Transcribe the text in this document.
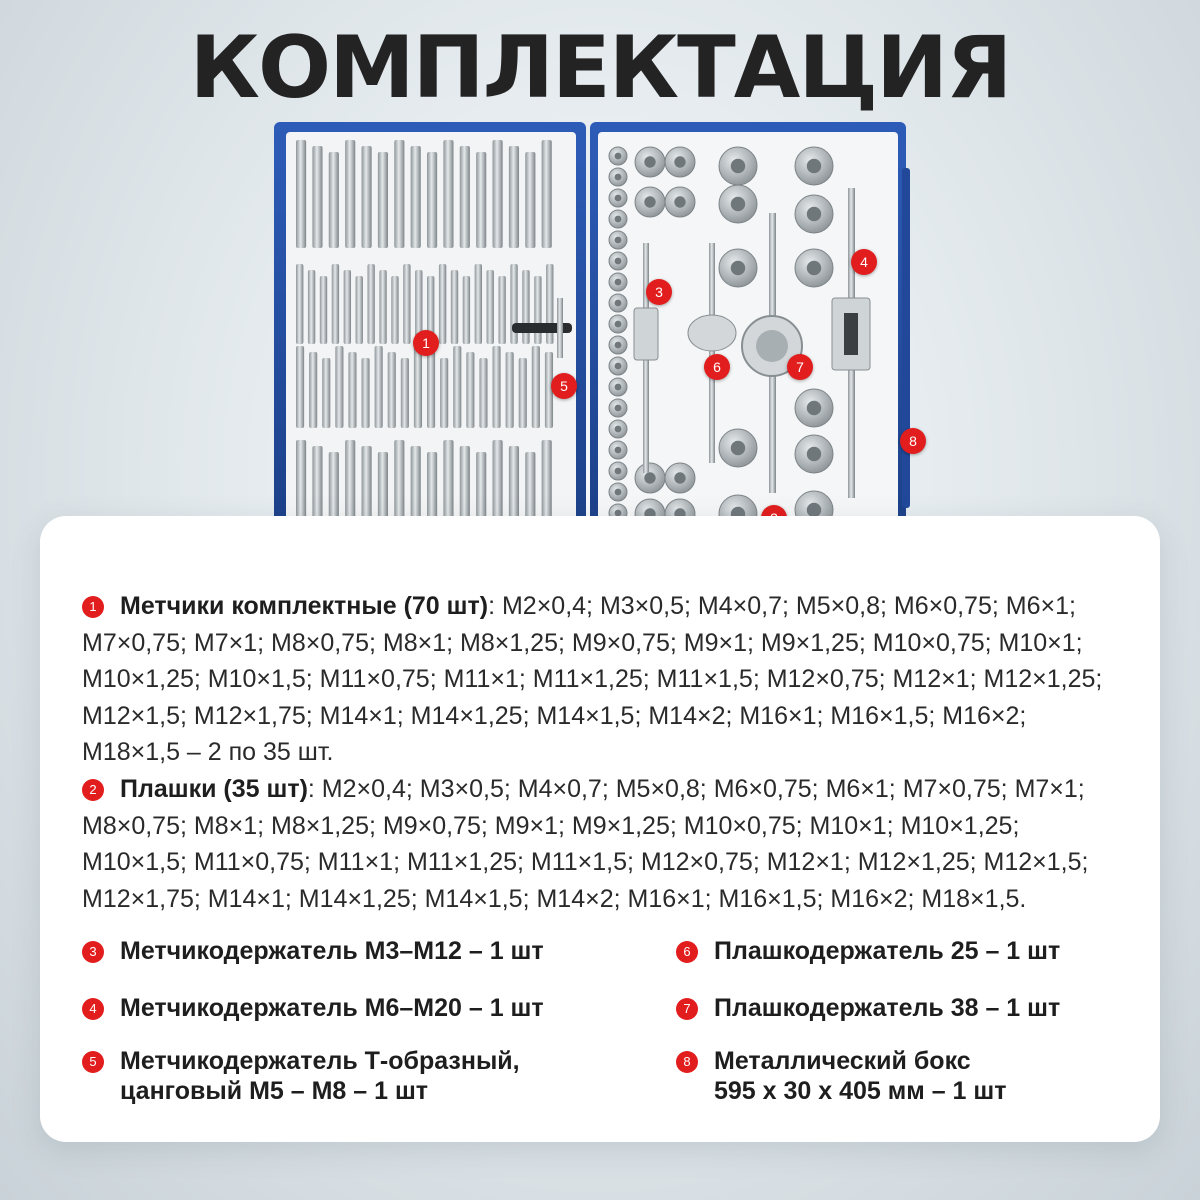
КОМПЛЕКТАЦИЯ
1
3
4
5
6	7
8
1 Метчики комплектные (70 шт): M2×0,4; M3×0,5; M4×0,7; M5×0,8; M6×0,75; M6×1; M7×0,75; M7×1; M8×0,75; M8×1; M8×1,25; M9×0,75; M9×1; M9×1,25; M10×0,75; M10×1; M10×1,25; M10×1,5; M11×0,75; M11×1; M11×1,25; M11×1,5; M12×0,75; M12×1; M12×1,25; M12×1,5; M12×1,75; M14×1; M14×1,25; M14×1,5; M14×2; M16×1; M16×1,5; M16×2; M18×1,5 – 2 по 35 шт.
2 Плашки (35 шт): M2×0,4; M3×0,5; M4×0,7; M5×0,8; M6×0,75; M6×1; M7×0,75; M7×1; M8×0,75; M8×1; M8×1,25; M9×0,75; M9×1; M9×1,25; M10×0,75; M10×1; M10×1,25; M10×1,5; M11×0,75; M11×1; M11×1,25; M11×1,5; M12×0,75; M12×1; M12×1,25; M12×1,5; M12×1,75; M14×1; M14×1,25; M14×1,5; M14×2; M16×1; M16×1,5; M16×2; M18×1,5.
3 Метчикодержатель М3–М12 – 1 шт
4 Метчикодержатель М6–М20 – 1 шт
5 Метчикодержатель Т-образный,
цанговый М5 – М8 – 1 шт
6 Плашкодержатель 25 – 1 шт
7 Плашкодержатель 38 – 1 шт
8 Металлический бокс
595 х 30 х 405 мм – 1 шт
